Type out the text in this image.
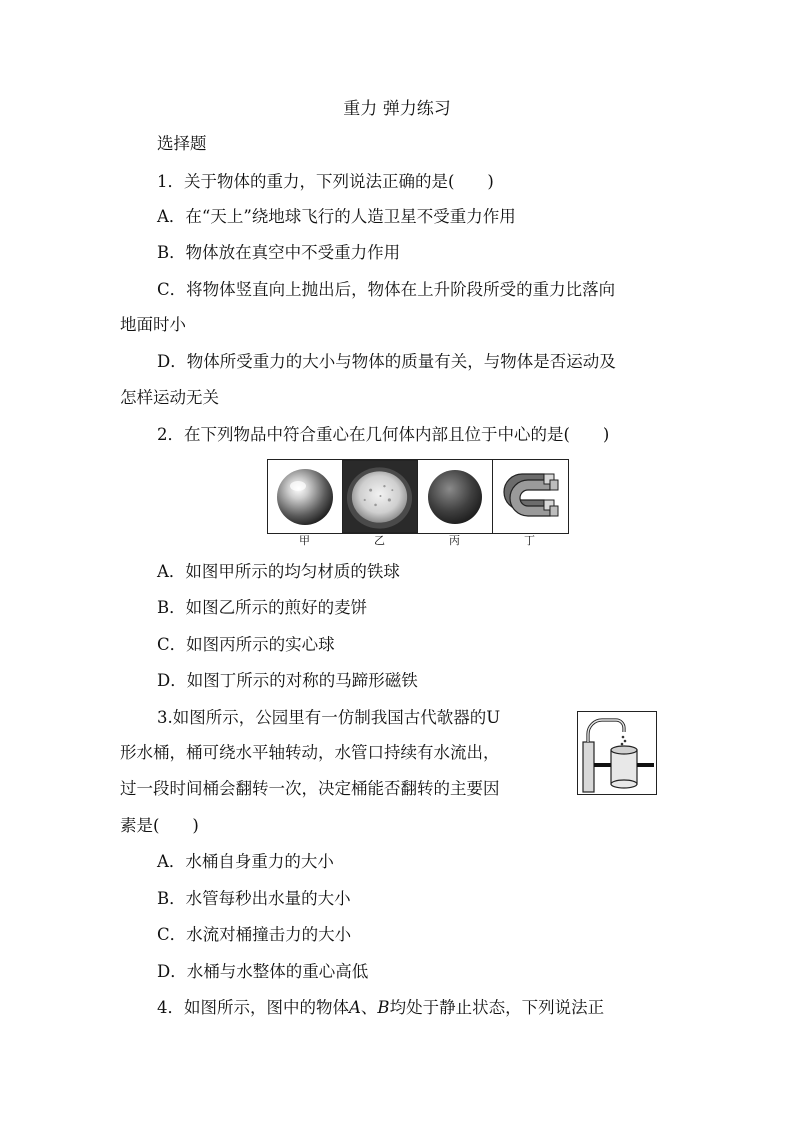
重力 弹力练习
选择题
1．关于物体的重力，下列说法正确的是(　　)
A．在“天上”绕地球飞行的人造卫星不受重力作用
B．物体放在真空中不受重力作用
C．将物体竖直向上抛出后，物体在上升阶段所受的重力比落向
地面时小
D．物体所受重力的大小与物体的质量有关，与物体是否运动及
怎样运动无关
2．在下列物品中符合重心在几何体内部且位于中心的是(　　)
甲	乙	丙	丁
A．如图甲所示的均匀材质的铁球
B．如图乙所示的煎好的麦饼
C．如图丙所示的实心球
D．如图丁所示的对称的马蹄形磁铁
3.如图所示，公园里有一仿制我国古代欹器的U
形水桶，桶可绕水平轴转动，水管口持续有水流出，
过一段时间桶会翻转一次，决定桶能否翻转的主要因
素是(　　)
A．水桶自身重力的大小
B．水管每秒出水量的大小
C．水流对桶撞击力的大小
D．水桶与水整体的重心高低
4．如图所示，图中的物体A、B均处于静止状态，下列说法正
